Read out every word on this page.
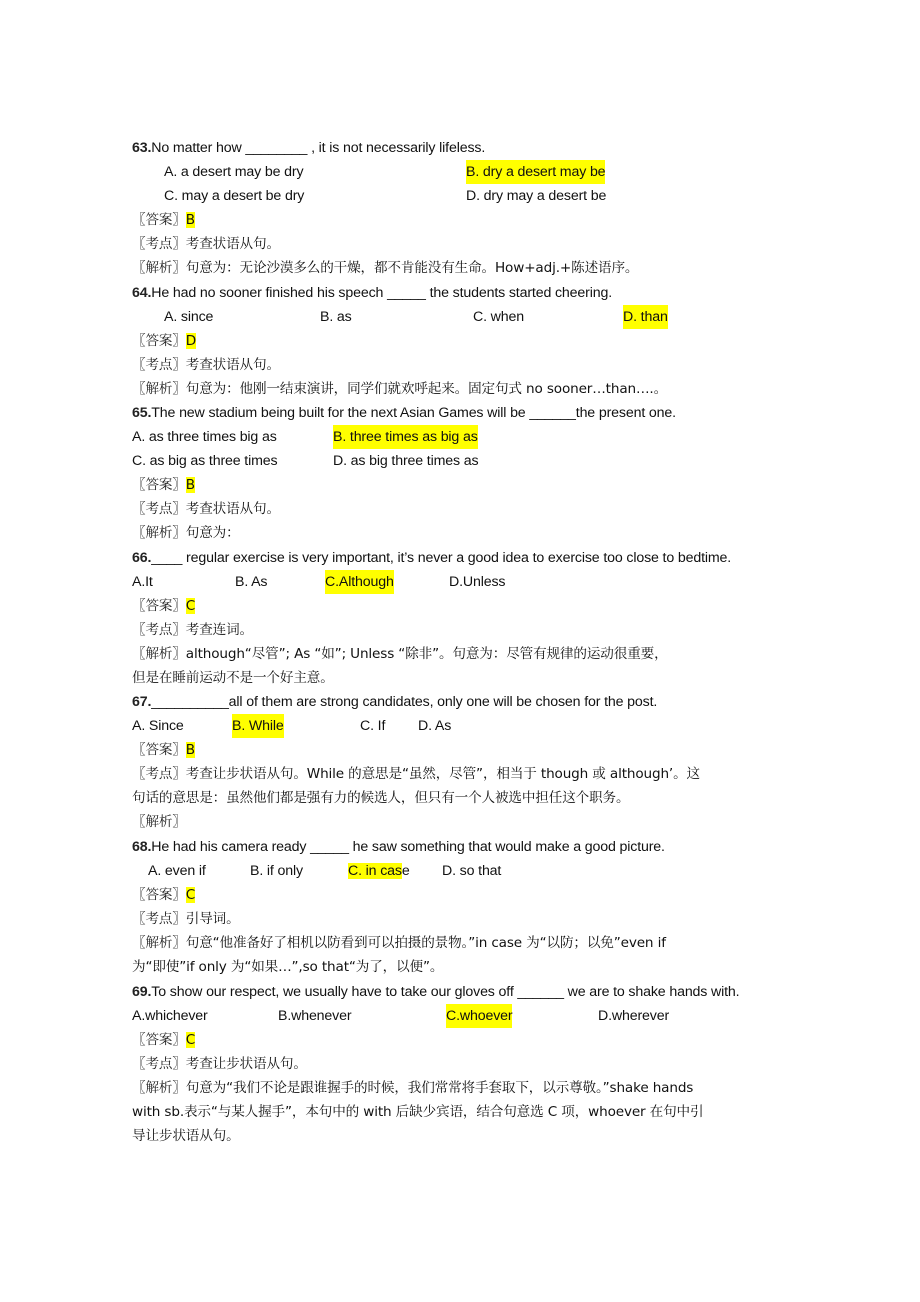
63.No matter how ________ , it is not necessarily lifeless.
A. a desert may be dry	B. dry a desert may be
C. may a desert be dry	D. dry may a desert be
〖答案〗B
〖考点〗考查状语从句。
〖解析〗句意为：无论沙漠多么的干燥，都不肯能没有生命。How+adj.+陈述语序。
64.He had no sooner finished his speech _____ the students started cheering.
A. since	B. as	C. when	D. than
〖答案〗D
〖考点〗考查状语从句。
〖解析〗句意为：他刚一结束演讲，同学们就欢呼起来。固定句式 no sooner…than….。
65.The new stadium being built for the next Asian Games will be ______the present one.
A. as three times big as	B. three times as big as
C. as big as three times	D. as big three times as
〖答案〗B
〖考点〗考查状语从句。
〖解析〗句意为：
66.____ regular exercise is very important, it’s never a good idea to exercise too close to bedtime.
A.It	B. As	C.Although	D.Unless
〖答案〗C
〖考点〗考查连词。
〖解析〗although“尽管”; As “如”; Unless “除非”。句意为：尽管有规律的运动很重要，
但是在睡前运动不是一个好主意。
67.__________all of them are strong candidates, only one will be chosen for the post.
A. Since	B. While	C. If D. As
〖答案〗B
〖考点〗考查让步状语从句。While 的意思是“虽然，尽管”，相当于 though 或 although’。这
句话的意思是：虽然他们都是强有力的候选人，但只有一个人被选中担任这个职务。
〖解析〗
68.He had his camera ready _____ he saw something that would make a good picture.
A. even if	B. if only	C. in case D. so that
〖答案〗C
〖考点〗引导词。
〖解析〗句意“他准备好了相机以防看到可以拍摄的景物。”in case 为“以防；以免”even if
为“即使”if only 为“如果…”,so that“为了，以便”。
69.To show our respect, we usually have to take our gloves off ______ we are to shake hands with.
A.whichever	B.whenever	C.whoever	D.wherever
〖答案〗C
〖考点〗考查让步状语从句。
〖解析〗句意为“我们不论是跟谁握手的时候，我们常常将手套取下，以示尊敬。”shake hands
with sb.表示“与某人握手”，本句中的 with 后缺少宾语，结合句意选 C 项，whoever 在句中引
导让步状语从句。
